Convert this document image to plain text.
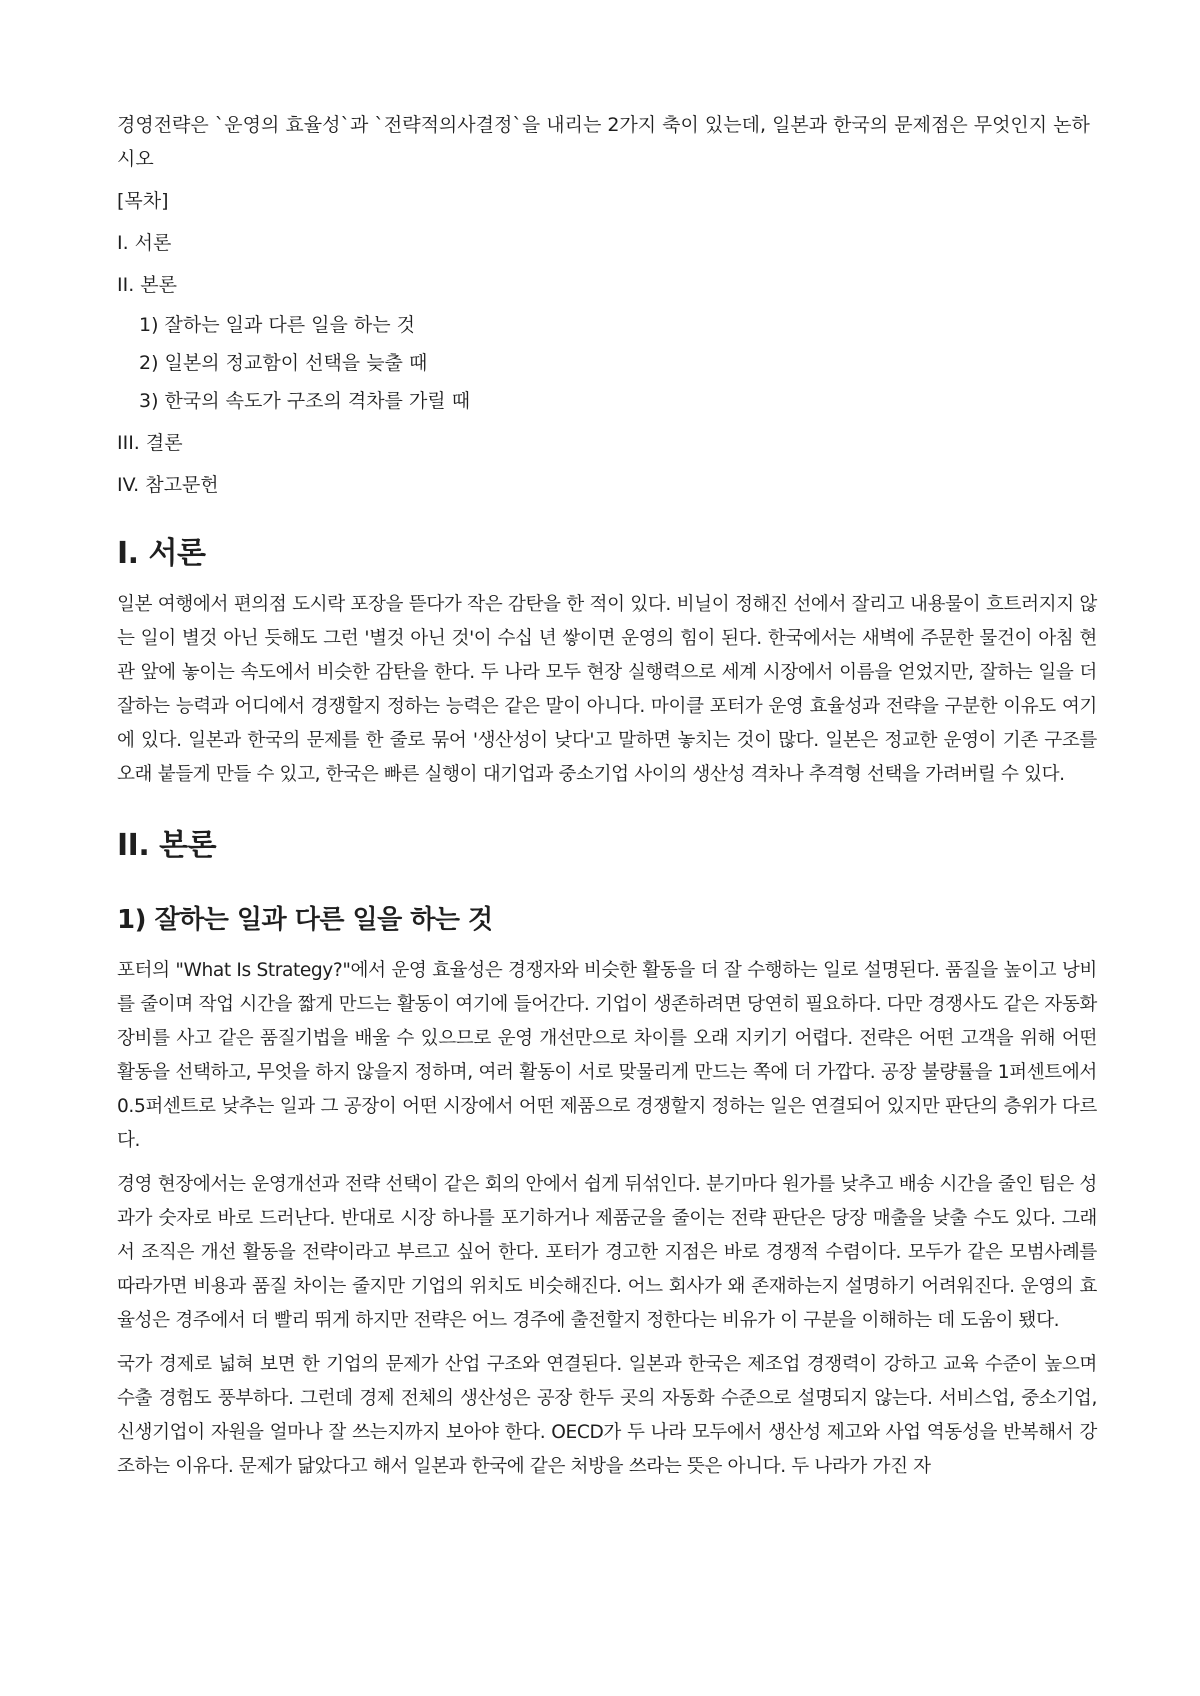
경영전략은 `운영의 효율성`과 `전략적의사결정`을 내리는 2가지 축이 있는데, 일본과 한국의 문제점은 무엇인지 논하시오

[목차]

I. 서론

II. 본론

1) 잘하는 일과 다른 일을 하는 것

2) 일본의 정교함이 선택을 늦출 때

3) 한국의 속도가 구조의 격차를 가릴 때

III. 결론

IV. 참고문헌

I. 서론

일본 여행에서 편의점 도시락 포장을 뜯다가 작은 감탄을 한 적이 있다. 비닐이 정해진 선에서 잘리고 내용물이 흐트러지지 않는 일이 별것 아닌 듯해도 그런 '별것 아닌 것'이 수십 년 쌓이면 운영의 힘이 된다. 한국에서는 새벽에 주문한 물건이 아침 현관 앞에 놓이는 속도에서 비슷한 감탄을 한다. 두 나라 모두 현장 실행력으로 세계 시장에서 이름을 얻었지만, 잘하는 일을 더 잘하는 능력과 어디에서 경쟁할지 정하는 능력은 같은 말이 아니다. 마이클 포터가 운영 효율성과 전략을 구분한 이유도 여기에 있다. 일본과 한국의 문제를 한 줄로 묶어 '생산성이 낮다'고 말하면 놓치는 것이 많다. 일본은 정교한 운영이 기존 구조를 오래 붙들게 만들 수 있고, 한국은 빠른 실행이 대기업과 중소기업 사이의 생산성 격차나 추격형 선택을 가려버릴 수 있다.

II. 본론
1) 잘하는 일과 다른 일을 하는 것

포터의 "What Is Strategy?"에서 운영 효율성은 경쟁자와 비슷한 활동을 더 잘 수행하는 일로 설명된다. 품질을 높이고 낭비를 줄이며 작업 시간을 짧게 만드는 활동이 여기에 들어간다. 기업이 생존하려면 당연히 필요하다. 다만 경쟁사도 같은 자동화 장비를 사고 같은 품질기법을 배울 수 있으므로 운영 개선만으로 차이를 오래 지키기 어렵다. 전략은 어떤 고객을 위해 어떤 활동을 선택하고, 무엇을 하지 않을지 정하며, 여러 활동이 서로 맞물리게 만드는 쪽에 더 가깝다. 공장 불량률을 1퍼센트에서 0.5퍼센트로 낮추는 일과 그 공장이 어떤 시장에서 어떤 제품으로 경쟁할지 정하는 일은 연결되어 있지만 판단의 층위가 다르다.

경영 현장에서는 운영개선과 전략 선택이 같은 회의 안에서 쉽게 뒤섞인다. 분기마다 원가를 낮추고 배송 시간을 줄인 팀은 성과가 숫자로 바로 드러난다. 반대로 시장 하나를 포기하거나 제품군을 줄이는 전략 판단은 당장 매출을 낮출 수도 있다. 그래서 조직은 개선 활동을 전략이라고 부르고 싶어 한다. 포터가 경고한 지점은 바로 경쟁적 수렴이다. 모두가 같은 모범사례를 따라가면 비용과 품질 차이는 줄지만 기업의 위치도 비슷해진다. 어느 회사가 왜 존재하는지 설명하기 어려워진다. 운영의 효율성은 경주에서 더 빨리 뛰게 하지만 전략은 어느 경주에 출전할지 정한다는 비유가 이 구분을 이해하는 데 도움이 됐다.

국가 경제로 넓혀 보면 한 기업의 문제가 산업 구조와 연결된다. 일본과 한국은 제조업 경쟁력이 강하고 교육 수준이 높으며 수출 경험도 풍부하다. 그런데 경제 전체의 생산성은 공장 한두 곳의 자동화 수준으로 설명되지 않는다. 서비스업, 중소기업, 신생기업이 자원을 얼마나 잘 쓰는지까지 보아야 한다. OECD가 두 나라 모두에서 생산성 제고와 사업 역동성을 반복해서 강조하는 이유다. 문제가 닮았다고 해서 일본과 한국에 같은 처방을 쓰라는 뜻은 아니다. 두 나라가 가진 자
